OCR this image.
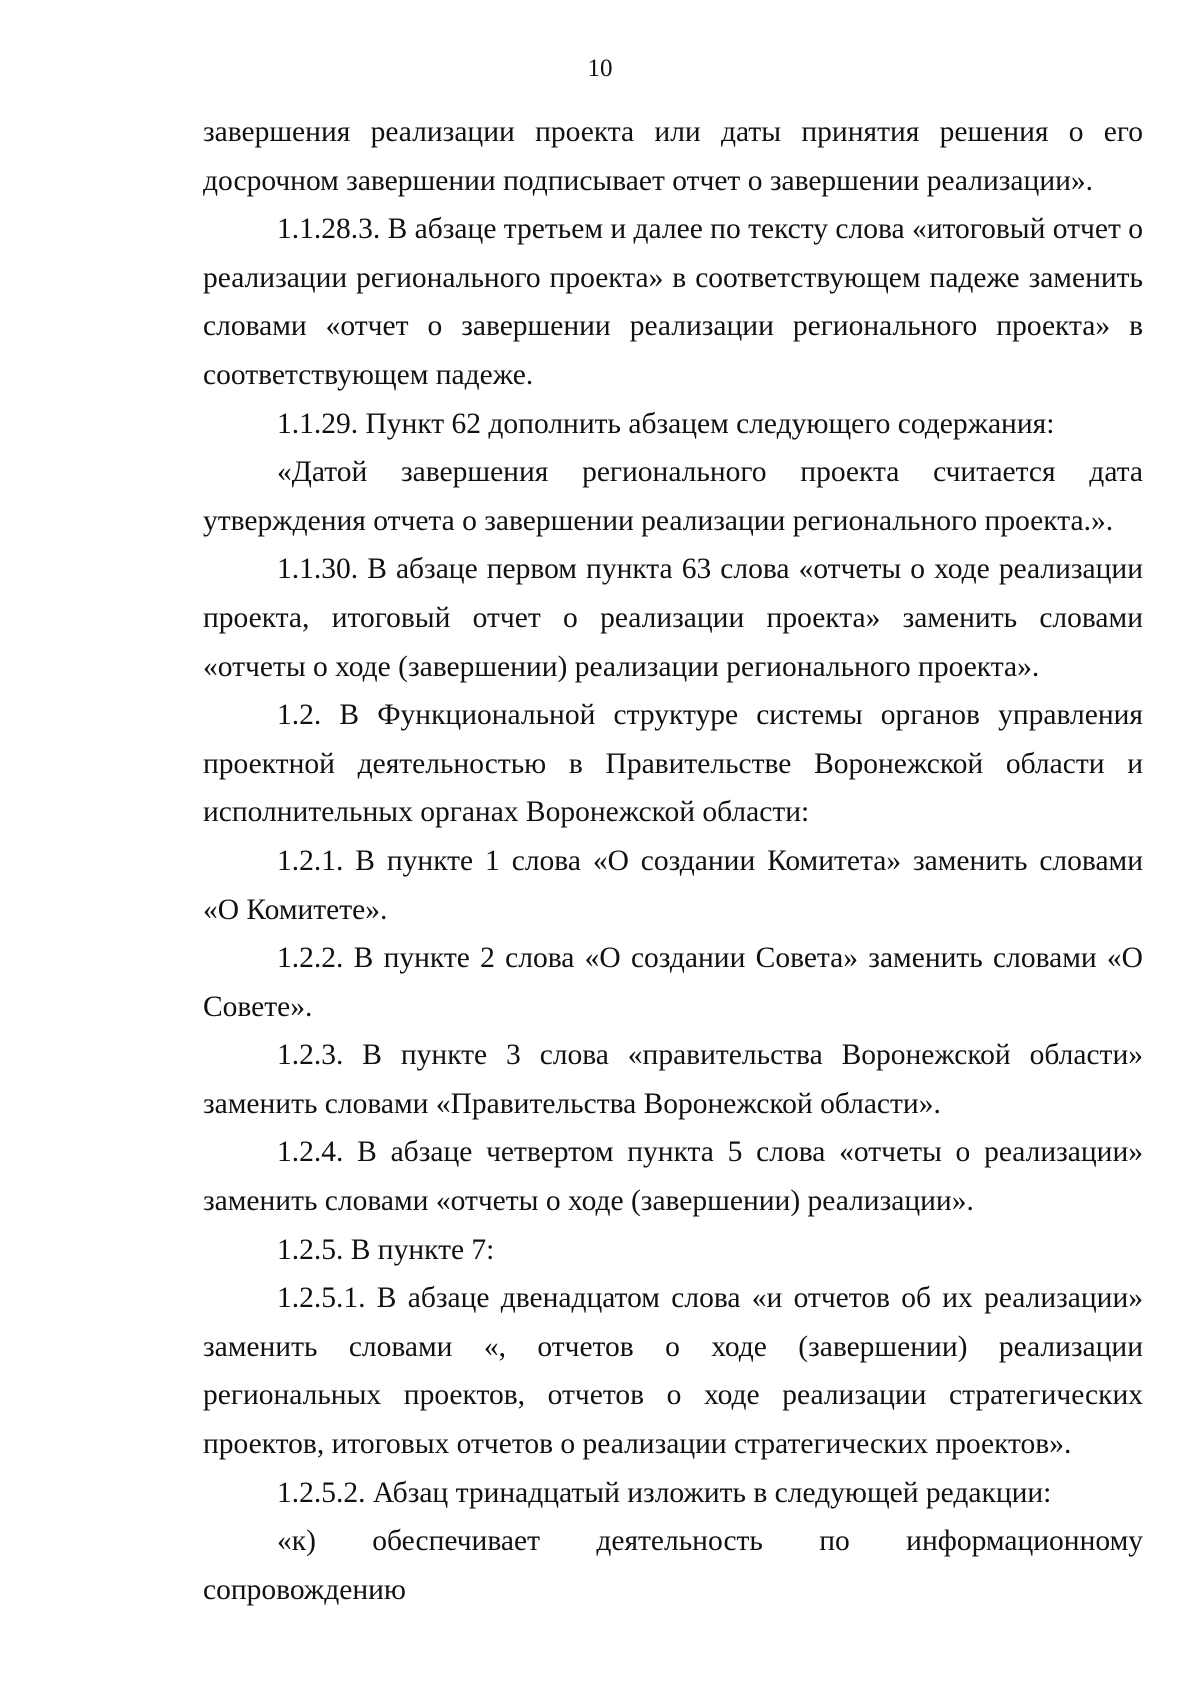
10

завершения реализации проекта или даты принятия решения о его досрочном завершении подписывает отчет о завершении реализации».

1.1.28.3. В абзаце третьем и далее по тексту слова «итоговый отчет о реализации регионального проекта» в соответствующем падеже заменить словами «отчет о завершении реализации регионального проекта» в соответствующем падеже.

1.1.29. Пункт 62 дополнить абзацем следующего содержания:

«Датой завершения регионального проекта считается дата утверждения отчета о завершении реализации регионального проекта.».

1.1.30. В абзаце первом пункта 63 слова «отчеты о ходе реализации проекта, итоговый отчет о реализации проекта» заменить словами «отчеты о ходе (завершении) реализации регионального проекта».

1.2. В Функциональной структуре системы органов управления проектной деятельностью в Правительстве Воронежской области и исполнительных органах Воронежской области:

1.2.1. В пункте 1 слова «О создании Комитета» заменить словами «О Комитете».

1.2.2. В пункте 2 слова «О создании Совета» заменить словами «О Совете».

1.2.3. В пункте 3 слова «правительства Воронежской области» заменить словами «Правительства Воронежской области».

1.2.4. В абзаце четвертом пункта 5 слова «отчеты о реализации» заменить словами «отчеты о ходе (завершении) реализации».

1.2.5. В пункте 7:

1.2.5.1. В абзаце двенадцатом слова «и отчетов об их реализации» заменить словами «, отчетов о ходе (завершении) реализации региональных проектов, отчетов о ходе реализации стратегических проектов, итоговых отчетов о реализации стратегических проектов».

1.2.5.2. Абзац тринадцатый изложить в следующей редакции:

«к) обеспечивает деятельность по информационному сопровождению
